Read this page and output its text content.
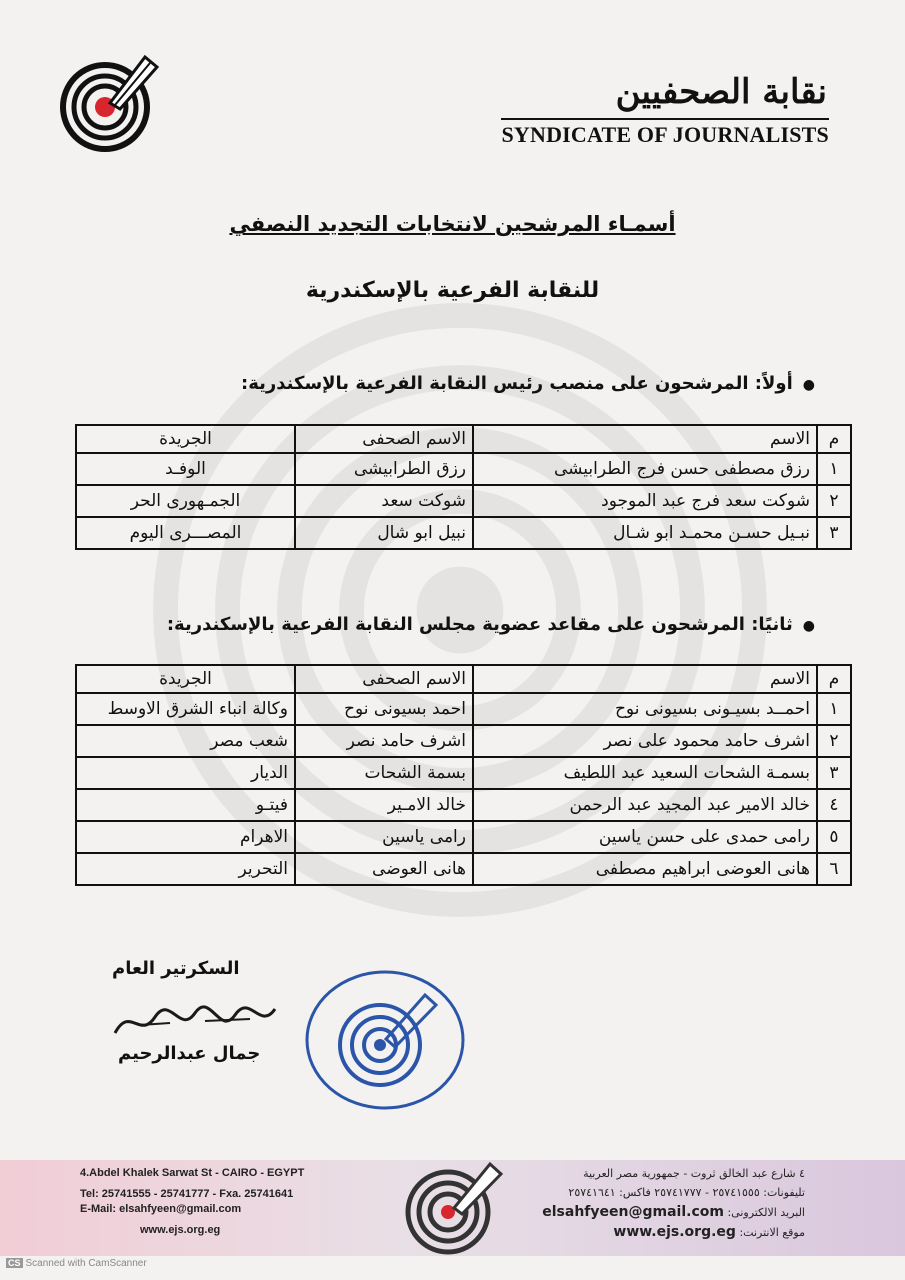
نقابة الصحفيين
SYNDICATE OF JOURNALISTS
أسمـاء المرشحين لانتخابات التجديد النصفي
للنقابة الفرعية بالإسكندرية
●أولاً: المرشحون على منصب رئيس النقابة الفرعية بالإسكندرية:
م	الاسم	الاسم الصحفى	الجريدة
١	رزق مصطفى حسن فرج الطرابيشى	رزق الطرابيشى	الوفـد
٢	شوكت سعد فرج عبد الموجود	شوكت سعد	الجمـهورى الحر
٣	نبـيل حسـن محمـد ابو شـال	نبيل ابو شال	المصـــرى اليوم
●ثانيًا: المرشحون على مقاعد عضوية مجلس النقابة الفرعية بالإسكندرية:
م	الاسم	الاسم الصحفى	الجريدة
١	احمــد بسيـونى بسيونى نوح	احمد بسيونى نوح	وكالة انباء الشرق الاوسط
٢	اشرف حامد محمود على نصر	اشرف حامد نصر	شعب مصر
٣	بسمـة الشحات السعيد عبد اللطيف	بسمة الشحات	الديار
٤	خالد الامير عبد المجيد عبد الرحمن	خالد الامـير	فيتـو
٥	رامى حمدى على حسن ياسين	رامى ياسين	الاهرام
٦	هانى العوضى ابراهيم مصطفى	هانى العوضى	التحرير
السكرتير العام
جمال عبدالرحيم
4.Abdel Khalek Sarwat St - CAIRO - EGYPT
Tel: 25741555 - 25741777 - Fxa. 25741641
E-Mail: elsahfyeen@gmail.com
www.ejs.org.eg
٤ شارع عبد الخالق ثروت - جمهورية مصر العربية
تليفونات: ٢٥٧٤١٥٥٥ - ٢٥٧٤١٧٧٧ فاكس: ٢٥٧٤١٦٤١
البريد الالكترونى: elsahfyeen@gmail.com
موقع الانترنت: www.ejs.org.eg
CS Scanned with CamScanner
